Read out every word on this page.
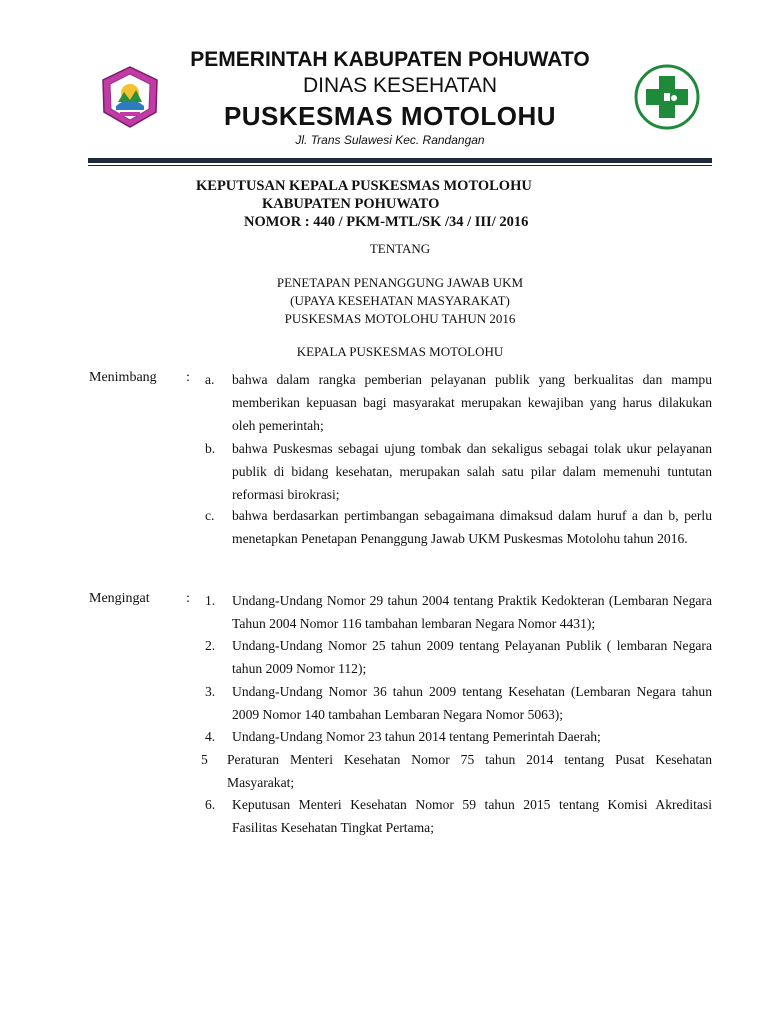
PEMERINTAH KABUPATEN POHUWATO
DINAS KESEHATAN
PUSKESMAS MOTOLOHU
Jl. Trans Sulawesi Kec. Randangan
KEPUTUSAN KEPALA PUSKESMAS MOTOLOHU
KABUPATEN POHUWATO
NOMOR : 440 / PKM-MTL/SK /34 / III/ 2016
TENTANG
PENETAPAN PENANGGUNG JAWAB UKM
(UPAYA KESEHATAN MASYARAKAT)
PUSKESMAS MOTOLOHU TAHUN 2016
KEPALA PUSKESMAS MOTOLOHU
Menimbang : a. bahwa dalam rangka pemberian pelayanan publik yang berkualitas dan mampu memberikan kepuasan bagi masyarakat merupakan kewajiban yang harus dilakukan oleh pemerintah;
b. bahwa Puskesmas sebagai ujung tombak dan sekaligus sebagai tolak ukur pelayanan publik di bidang kesehatan, merupakan salah satu pilar dalam memenuhi tuntutan reformasi birokrasi;
c. bahwa berdasarkan pertimbangan sebagaimana dimaksud dalam huruf a dan b, perlu menetapkan Penetapan Penanggung Jawab UKM Puskesmas Motolohu tahun 2016.
Mengingat	: 1. Undang-Undang Nomor 29 tahun 2004 tentang Praktik Kedokteran (Lembaran Negara Tahun 2004 Nomor 116 tambahan lembaran Negara Nomor 4431);
2. Undang-Undang Nomor 25 tahun 2009 tentang Pelayanan Publik ( lembaran Negara tahun 2009 Nomor 112);
3. Undang-Undang Nomor 36 tahun 2009 tentang Kesehatan (Lembaran Negara tahun 2009 Nomor 140 tambahan Lembaran Negara Nomor 5063);
4. Undang-Undang Nomor 23 tahun 2014 tentang Pemerintah Daerah;
5 Peraturan Menteri Kesehatan Nomor 75 tahun 2014 tentang Pusat Kesehatan Masyarakat;
6. Keputusan Menteri Kesehatan Nomor 59 tahun 2015 tentang Komisi Akreditasi Fasilitas Kesehatan Tingkat Pertama;
